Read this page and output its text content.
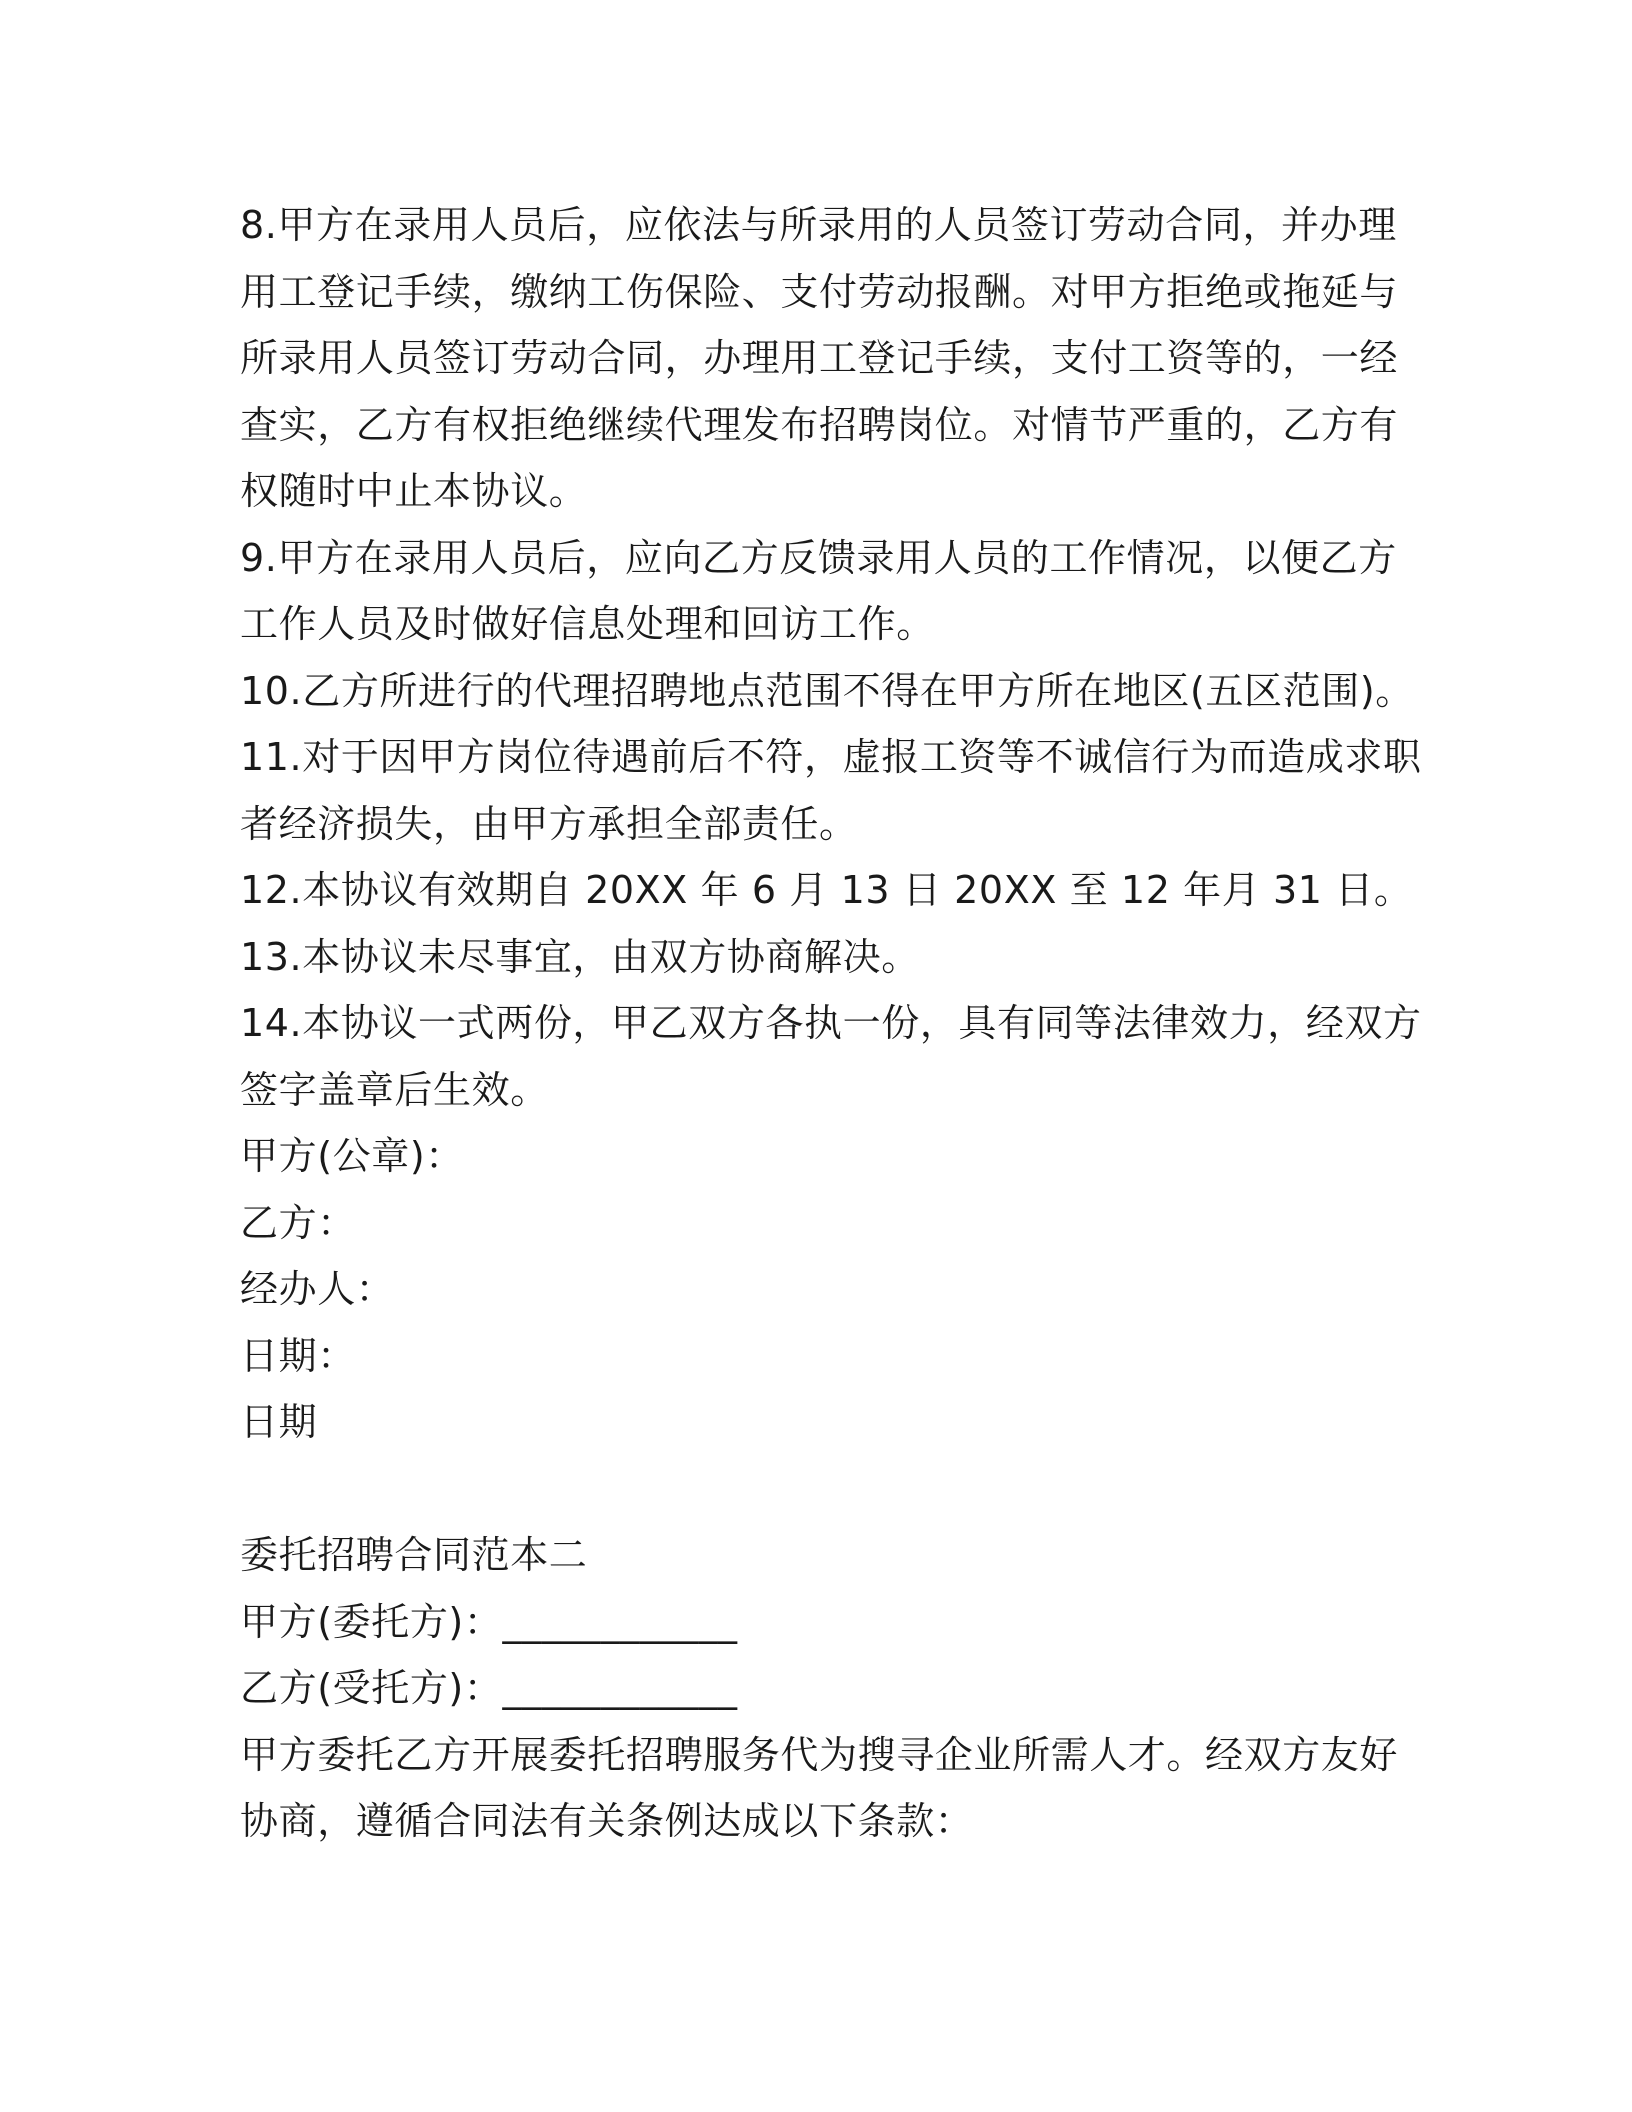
8.甲方在录用人员后，应依法与所录用的人员签订劳动合同，并办理
用工登记手续，缴纳工伤保险、支付劳动报酬。对甲方拒绝或拖延与
所录用人员签订劳动合同，办理用工登记手续，支付工资等的，一经
查实，乙方有权拒绝继续代理发布招聘岗位。对情节严重的，乙方有
权随时中止本协议。
9.甲方在录用人员后，应向乙方反馈录用人员的工作情况，以便乙方
工作人员及时做好信息处理和回访工作。
10.乙方所进行的代理招聘地点范围不得在甲方所在地区(五区范围)。
11.对于因甲方岗位待遇前后不符，虚报工资等不诚信行为而造成求职
者经济损失，由甲方承担全部责任。
12.本协议有效期自 20XX 年 6 月 13 日 20XX 至 12 年月 31 日。
13.本协议未尽事宜，由双方协商解决。
14.本协议一式两份，甲乙双方各执一份，具有同等法律效力，经双方
签字盖章后生效。
甲方(公章)：
乙方：
经办人：
日期：
日期
委托招聘合同范本二
甲方(委托方)：____________
乙方(受托方)：____________
甲方委托乙方开展委托招聘服务代为搜寻企业所需人才。经双方友好
协商，遵循合同法有关条例达成以下条款：
